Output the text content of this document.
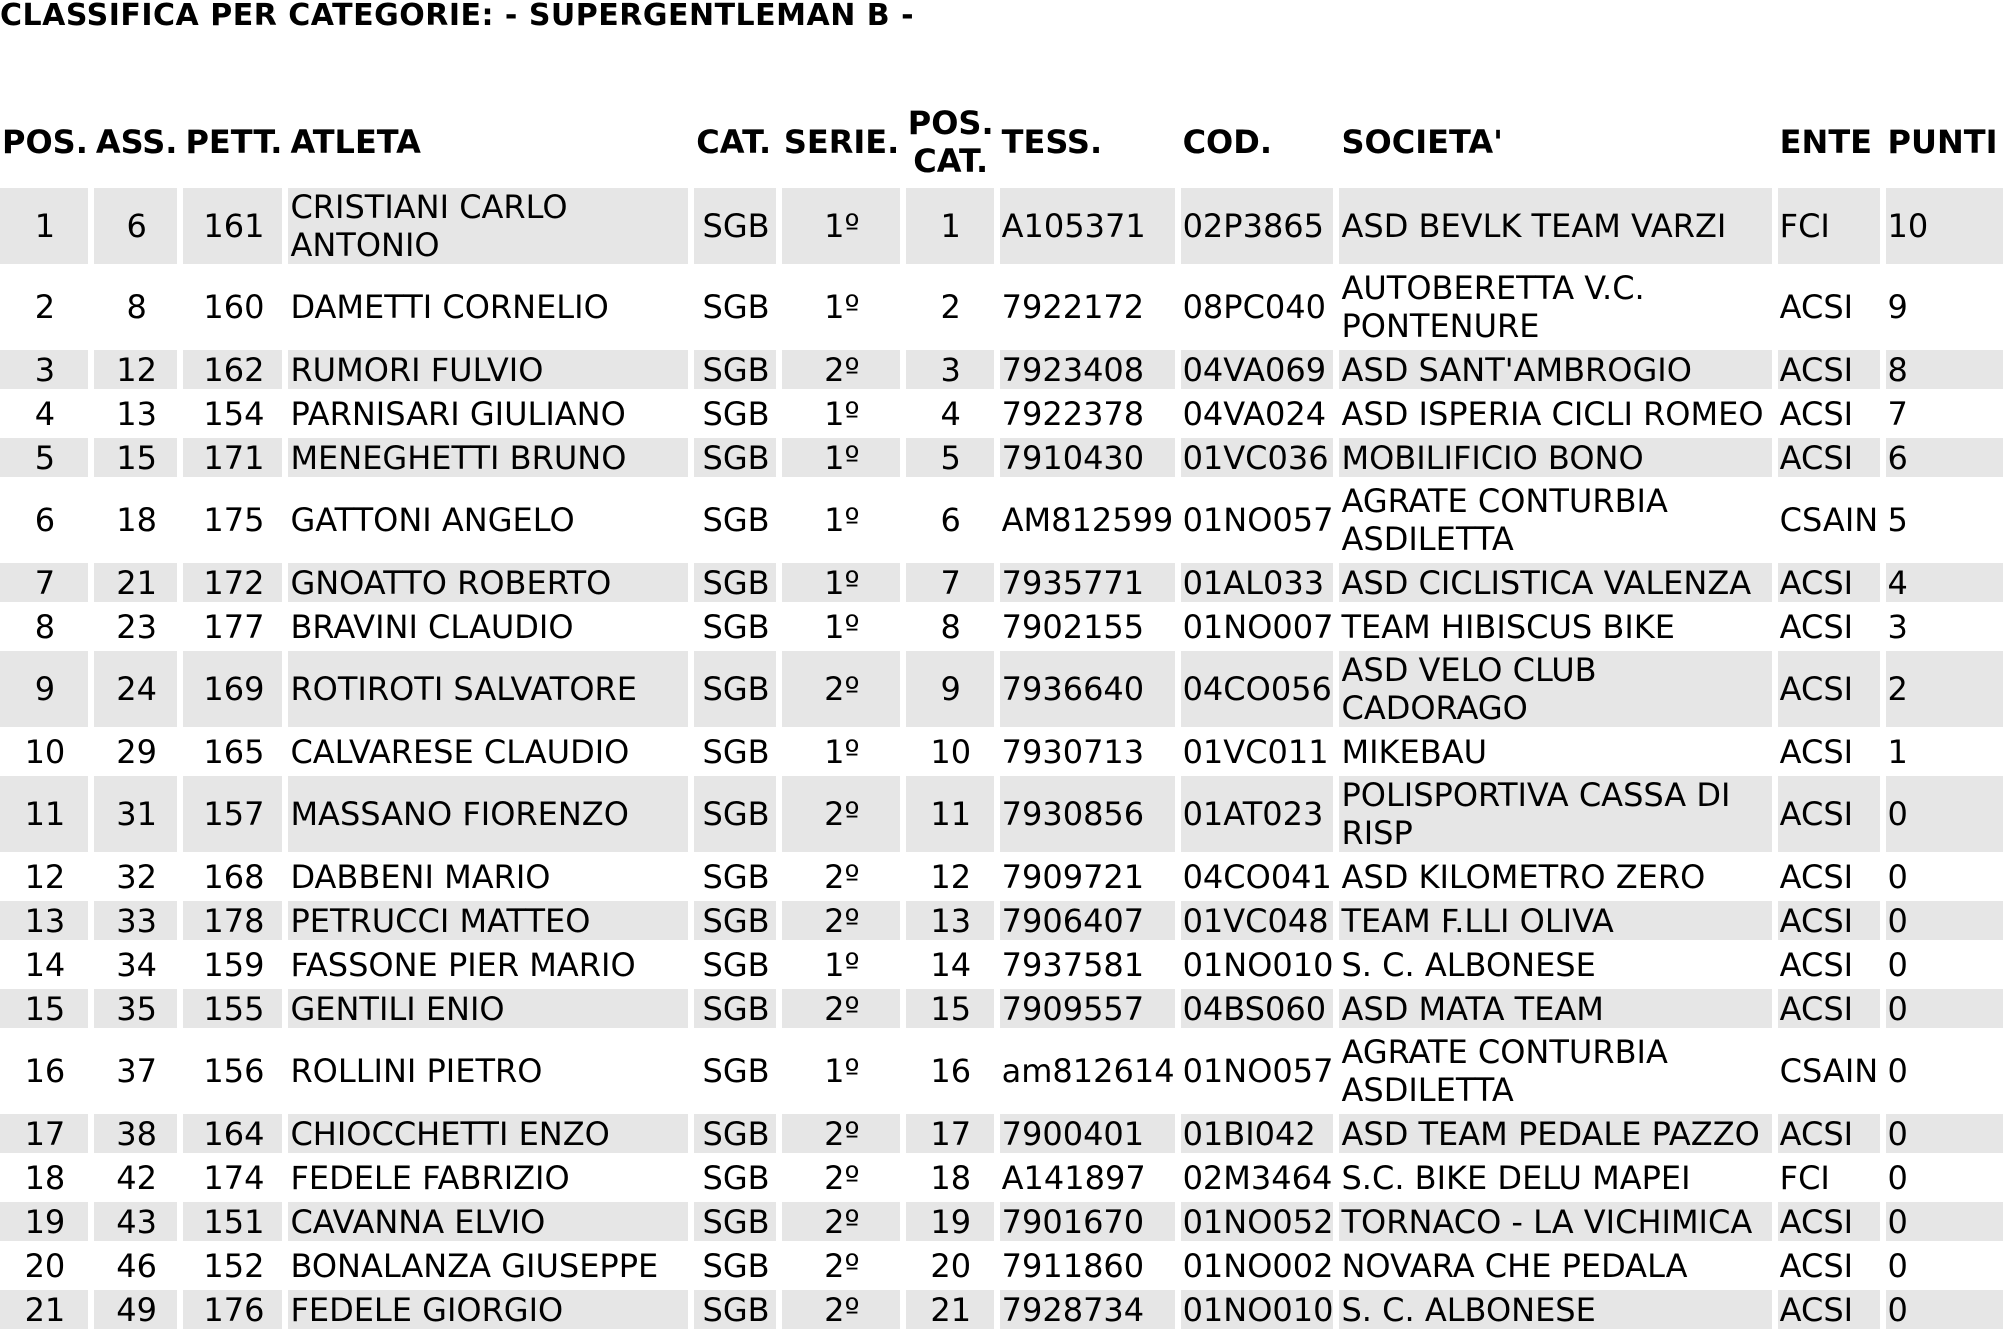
CLASSIFICA PER CATEGORIE: - SUPERGENTLEMAN B -
POS.	ASS.	PETT.	ATLETA	CAT.	SERIE.	POS. CAT.	TESS.	COD.	SOCIETA'	ENTE	PUNTI
1	6	161	CRISTIANI CARLO ANTONIO	SGB	1º	1	A105371	02P3865	ASD BEVLK TEAM VARZI	FCI	10
2	8	160	DAMETTI CORNELIO	SGB	1º	2	7922172	08PC040	AUTOBERETTA V.C. PONTENURE	ACSI	9
3	12	162	RUMORI FULVIO	SGB	2º	3	7923408	04VA069	ASD SANT'AMBROGIO	ACSI	8
4	13	154	PARNISARI GIULIANO	SGB	1º	4	7922378	04VA024	ASD ISPERIA CICLI ROMEO	ACSI	7
5	15	171	MENEGHETTI BRUNO	SGB	1º	5	7910430	01VC036	MOBILIFICIO BONO	ACSI	6
6	18	175	GATTONI ANGELO	SGB	1º	6	AM812599	01NO057	AGRATE CONTURBIA ASDILETTA	CSAIN	5
7	21	172	GNOATTO ROBERTO	SGB	1º	7	7935771	01AL033	ASD CICLISTICA VALENZA	ACSI	4
8	23	177	BRAVINI CLAUDIO	SGB	1º	8	7902155	01NO007	TEAM HIBISCUS BIKE	ACSI	3
9	24	169	ROTIROTI SALVATORE	SGB	2º	9	7936640	04CO056	ASD VELO CLUB CADORAGO	ACSI	2
10	29	165	CALVARESE CLAUDIO	SGB	1º	10	7930713	01VC011	MIKEBAU	ACSI	1
11	31	157	MASSANO FIORENZO	SGB	2º	11	7930856	01AT023	POLISPORTIVA CASSA DI RISP	ACSI	0
12	32	168	DABBENI MARIO	SGB	2º	12	7909721	04CO041	ASD KILOMETRO ZERO	ACSI	0
13	33	178	PETRUCCI MATTEO	SGB	2º	13	7906407	01VC048	TEAM F.LLI OLIVA	ACSI	0
14	34	159	FASSONE PIER MARIO	SGB	1º	14	7937581	01NO010	S. C. ALBONESE	ACSI	0
15	35	155	GENTILI ENIO	SGB	2º	15	7909557	04BS060	ASD MATA TEAM	ACSI	0
16	37	156	ROLLINI PIETRO	SGB	1º	16	am812614	01NO057	AGRATE CONTURBIA ASDILETTA	CSAIN	0
17	38	164	CHIOCCHETTI ENZO	SGB	2º	17	7900401	01BI042	ASD TEAM PEDALE PAZZO	ACSI	0
18	42	174	FEDELE FABRIZIO	SGB	2º	18	A141897	02M3464	S.C. BIKE DELU MAPEI	FCI	0
19	43	151	CAVANNA ELVIO	SGB	2º	19	7901670	01NO052	TORNACO - LA VICHIMICA	ACSI	0
20	46	152	BONALANZA GIUSEPPE	SGB	2º	20	7911860	01NO002	NOVARA CHE PEDALA	ACSI	0
21	49	176	FEDELE GIORGIO	SGB	2º	21	7928734	01NO010	S. C. ALBONESE	ACSI	0
